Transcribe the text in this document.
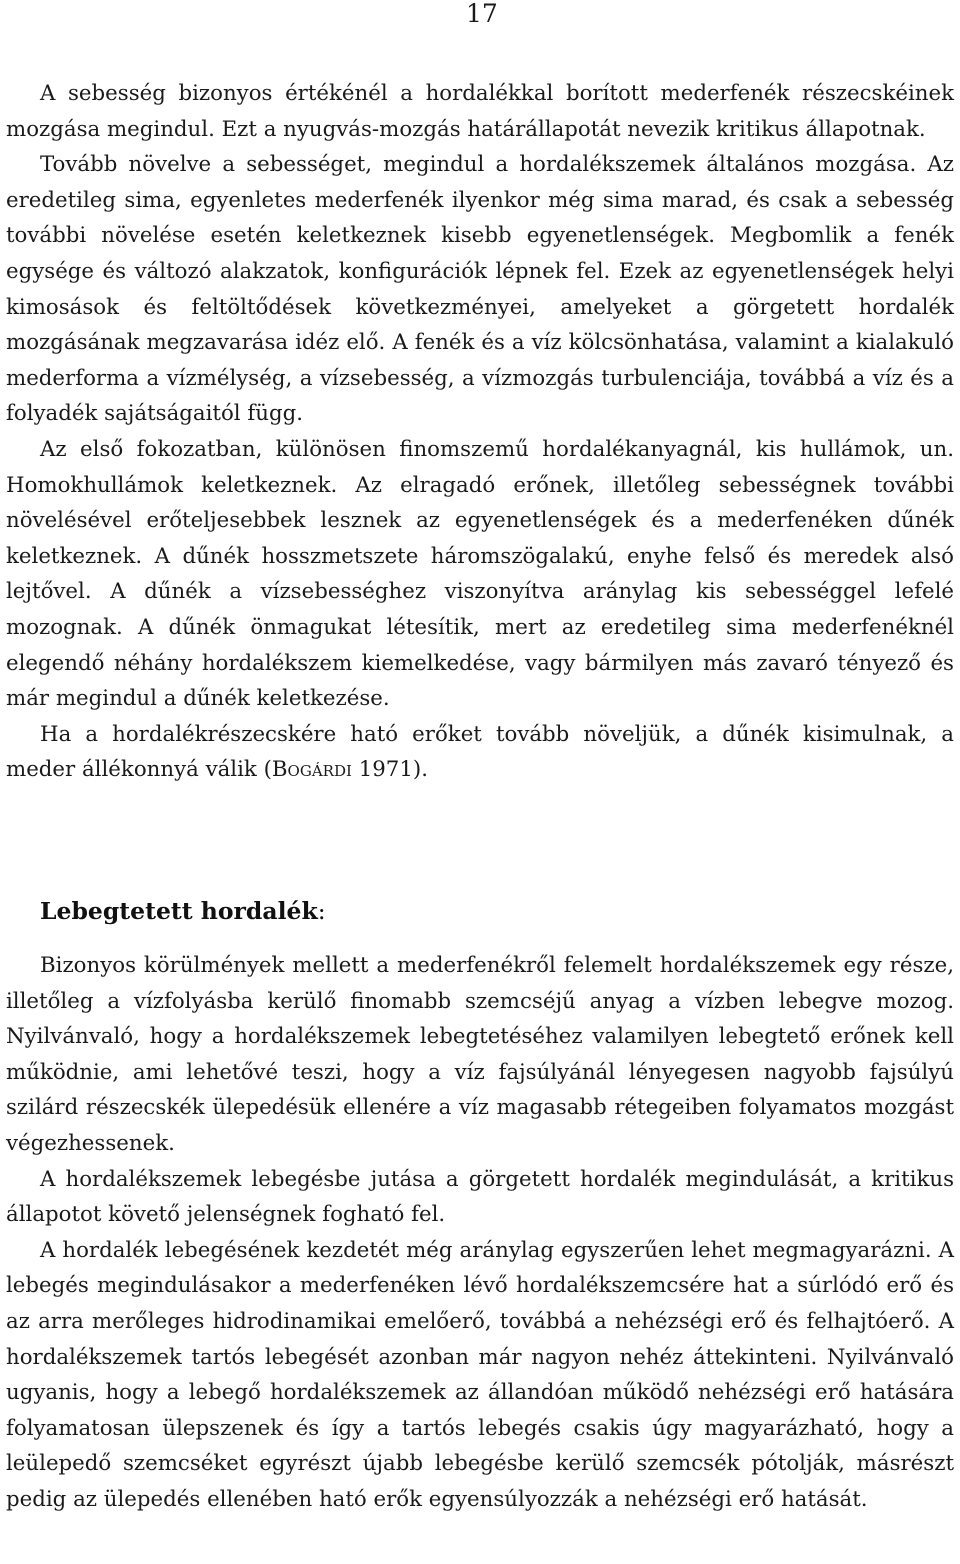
17

A sebesség bizonyos értékénél a hordalékkal borított mederfenék részecskéinek mozgása megindul. Ezt a nyugvás-mozgás határállapotát nevezik kritikus állapotnak.

Tovább növelve a sebességet, megindul a hordalékszemek általános mozgása. Az eredetileg sima, egyenletes mederfenék ilyenkor még sima marad, és csak a sebesség további növelése esetén keletkeznek kisebb egyenetlenségek. Megbomlik a fenék egysége és változó alakzatok, konfigurációk lépnek fel. Ezek az egyenetlenségek helyi kimosások és feltöltődések következményei, amelyeket a görgetett hordalék mozgásának megzavarása idéz elő. A fenék és a víz kölcsönhatása, valamint a kialakuló mederforma a vízmélység, a vízsebesség, a vízmozgás turbulenciája, továbbá a víz és a folyadék sajátságaitól függ.

Az első fokozatban, különösen finomszemű hordalékanyagnál, kis hullámok, un. Homokhullámok keletkeznek. Az elragadó erőnek, illetőleg sebességnek további növelésével erőteljesebbek lesznek az egyenetlenségek és a mederfenéken dűnék keletkeznek. A dűnék hosszmetszete háromszögalakú, enyhe felső és meredek alsó lejtővel. A dűnék a vízsebességhez viszonyítva aránylag kis sebességgel lefelé mozognak. A dűnék önmagukat létesítik, mert az eredetileg sima mederfenéknél elegendő néhány hordalékszem kiemelkedése, vagy bármilyen más zavaró tényező és már megindul a dűnék keletkezése.

Ha a hordalékrészecskére ható erőket tovább növeljük, a dűnék kisimulnak, a meder állékonnyá válik (Bogárdi 1971).

Lebegtetett hordalék:

Bizonyos körülmények mellett a mederfenékről felemelt hordalékszemek egy része, illetőleg a vízfolyásba kerülő finomabb szemcséjű anyag a vízben lebegve mozog. Nyilvánvaló, hogy a hordalékszemek lebegtetéséhez valamilyen lebegtető erőnek kell működnie, ami lehetővé teszi, hogy a víz fajsúlyánál lényegesen nagyobb fajsúlyú szilárd részecskék ülepedésük ellenére a víz magasabb rétegeiben folyamatos mozgást végezhessenek.

A hordalékszemek lebegésbe jutása a görgetett hordalék megindulását, a kritikus állapotot követő jelenségnek fogható fel.

A hordalék lebegésének kezdetét még aránylag egyszerűen lehet megmagyarázni. A lebegés megindulásakor a mederfenéken lévő hordalékszemcsére hat a súrlódó erő és az arra merőleges hidrodinamikai emelőerő, továbbá a nehézségi erő és felhajtóerő. A hordalékszemek tartós lebegését azonban már nagyon nehéz áttekinteni. Nyilvánvaló ugyanis, hogy a lebegő hordalékszemek az állandóan működő nehézségi erő hatására folyamatosan ülepszenek és így a tartós lebegés csakis úgy magyarázható, hogy a leülepedő szemcséket egyrészt újabb lebegésbe kerülő szemcsék pótolják, másrészt pedig az ülepedés ellenében ható erők egyensúlyozzák a nehézségi erő hatását.
